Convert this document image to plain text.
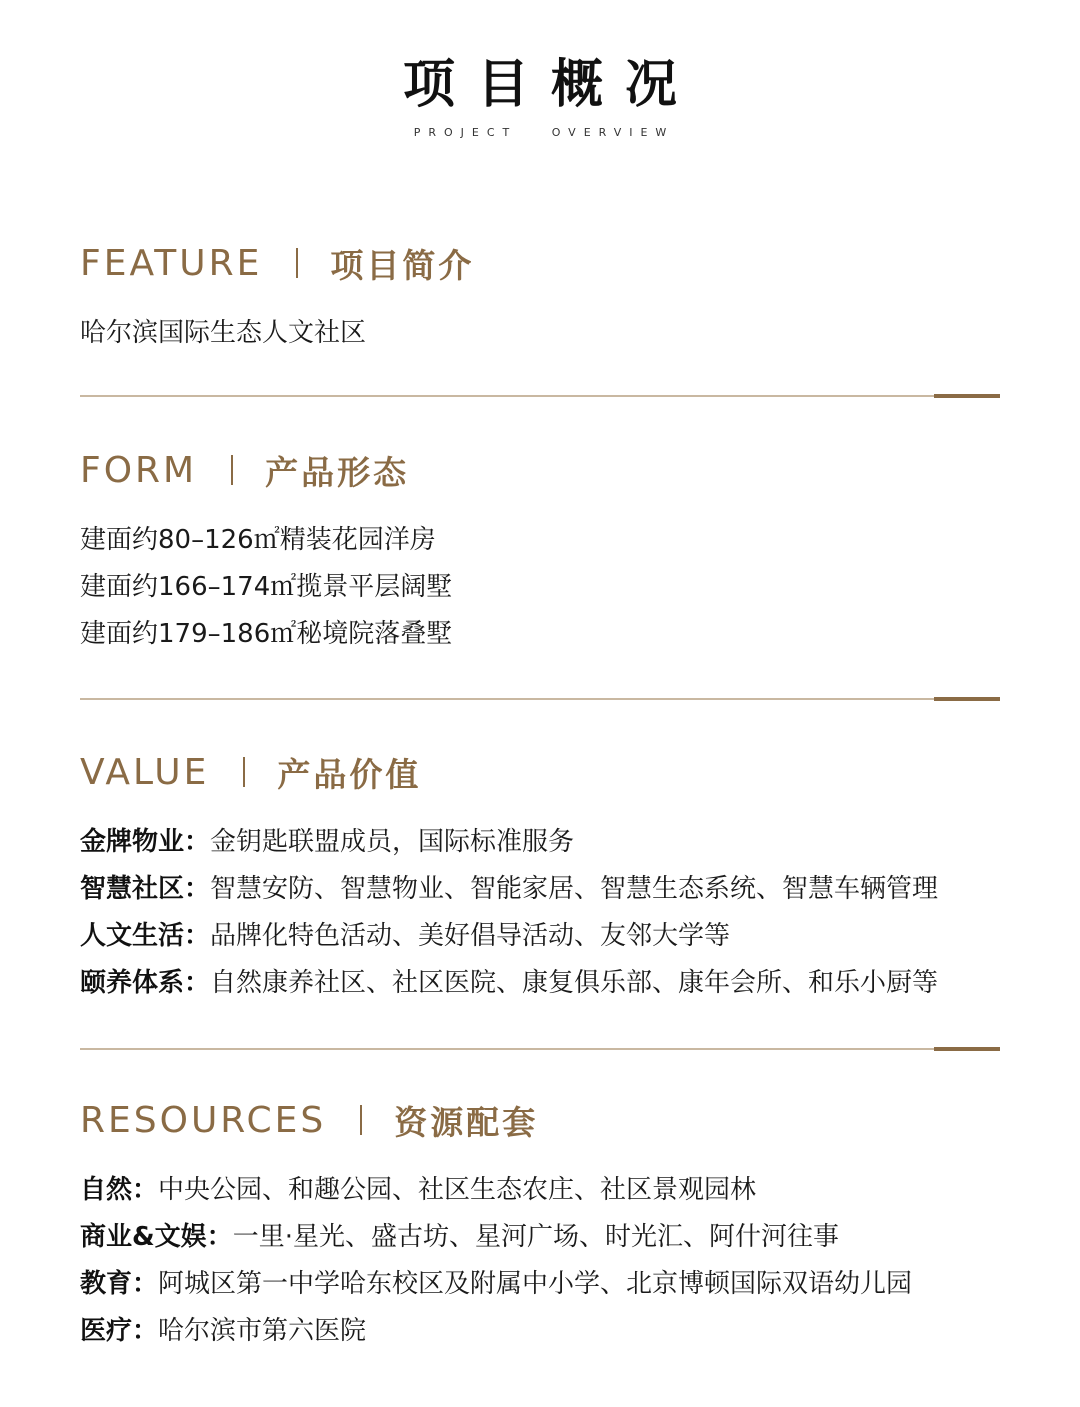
项目概况
PROJECT   OVERVIEW
FEATURE 项目简介
哈尔滨国际生态人文社区
FORM 产品形态
建面约80–126㎡精装花园洋房
建面约166–174㎡揽景平层阔墅
建面约179–186㎡秘境院落叠墅
VALUE 产品价值
金牌物业：金钥匙联盟成员，国际标准服务
智慧社区：智慧安防、智慧物业、智能家居、智慧生态系统、智慧车辆管理
人文生活：品牌化特色活动、美好倡导活动、友邻大学等
颐养体系：自然康养社区、社区医院、康复俱乐部、康年会所、和乐小厨等
RESOURCES 资源配套
自然：中央公园、和趣公园、社区生态农庄、社区景观园林
商业&文娱：一里·星光、盛古坊、星河广场、时光汇、阿什河往事
教育：阿城区第一中学哈东校区及附属中小学、北京博顿国际双语幼儿园
医疗：哈尔滨市第六医院
